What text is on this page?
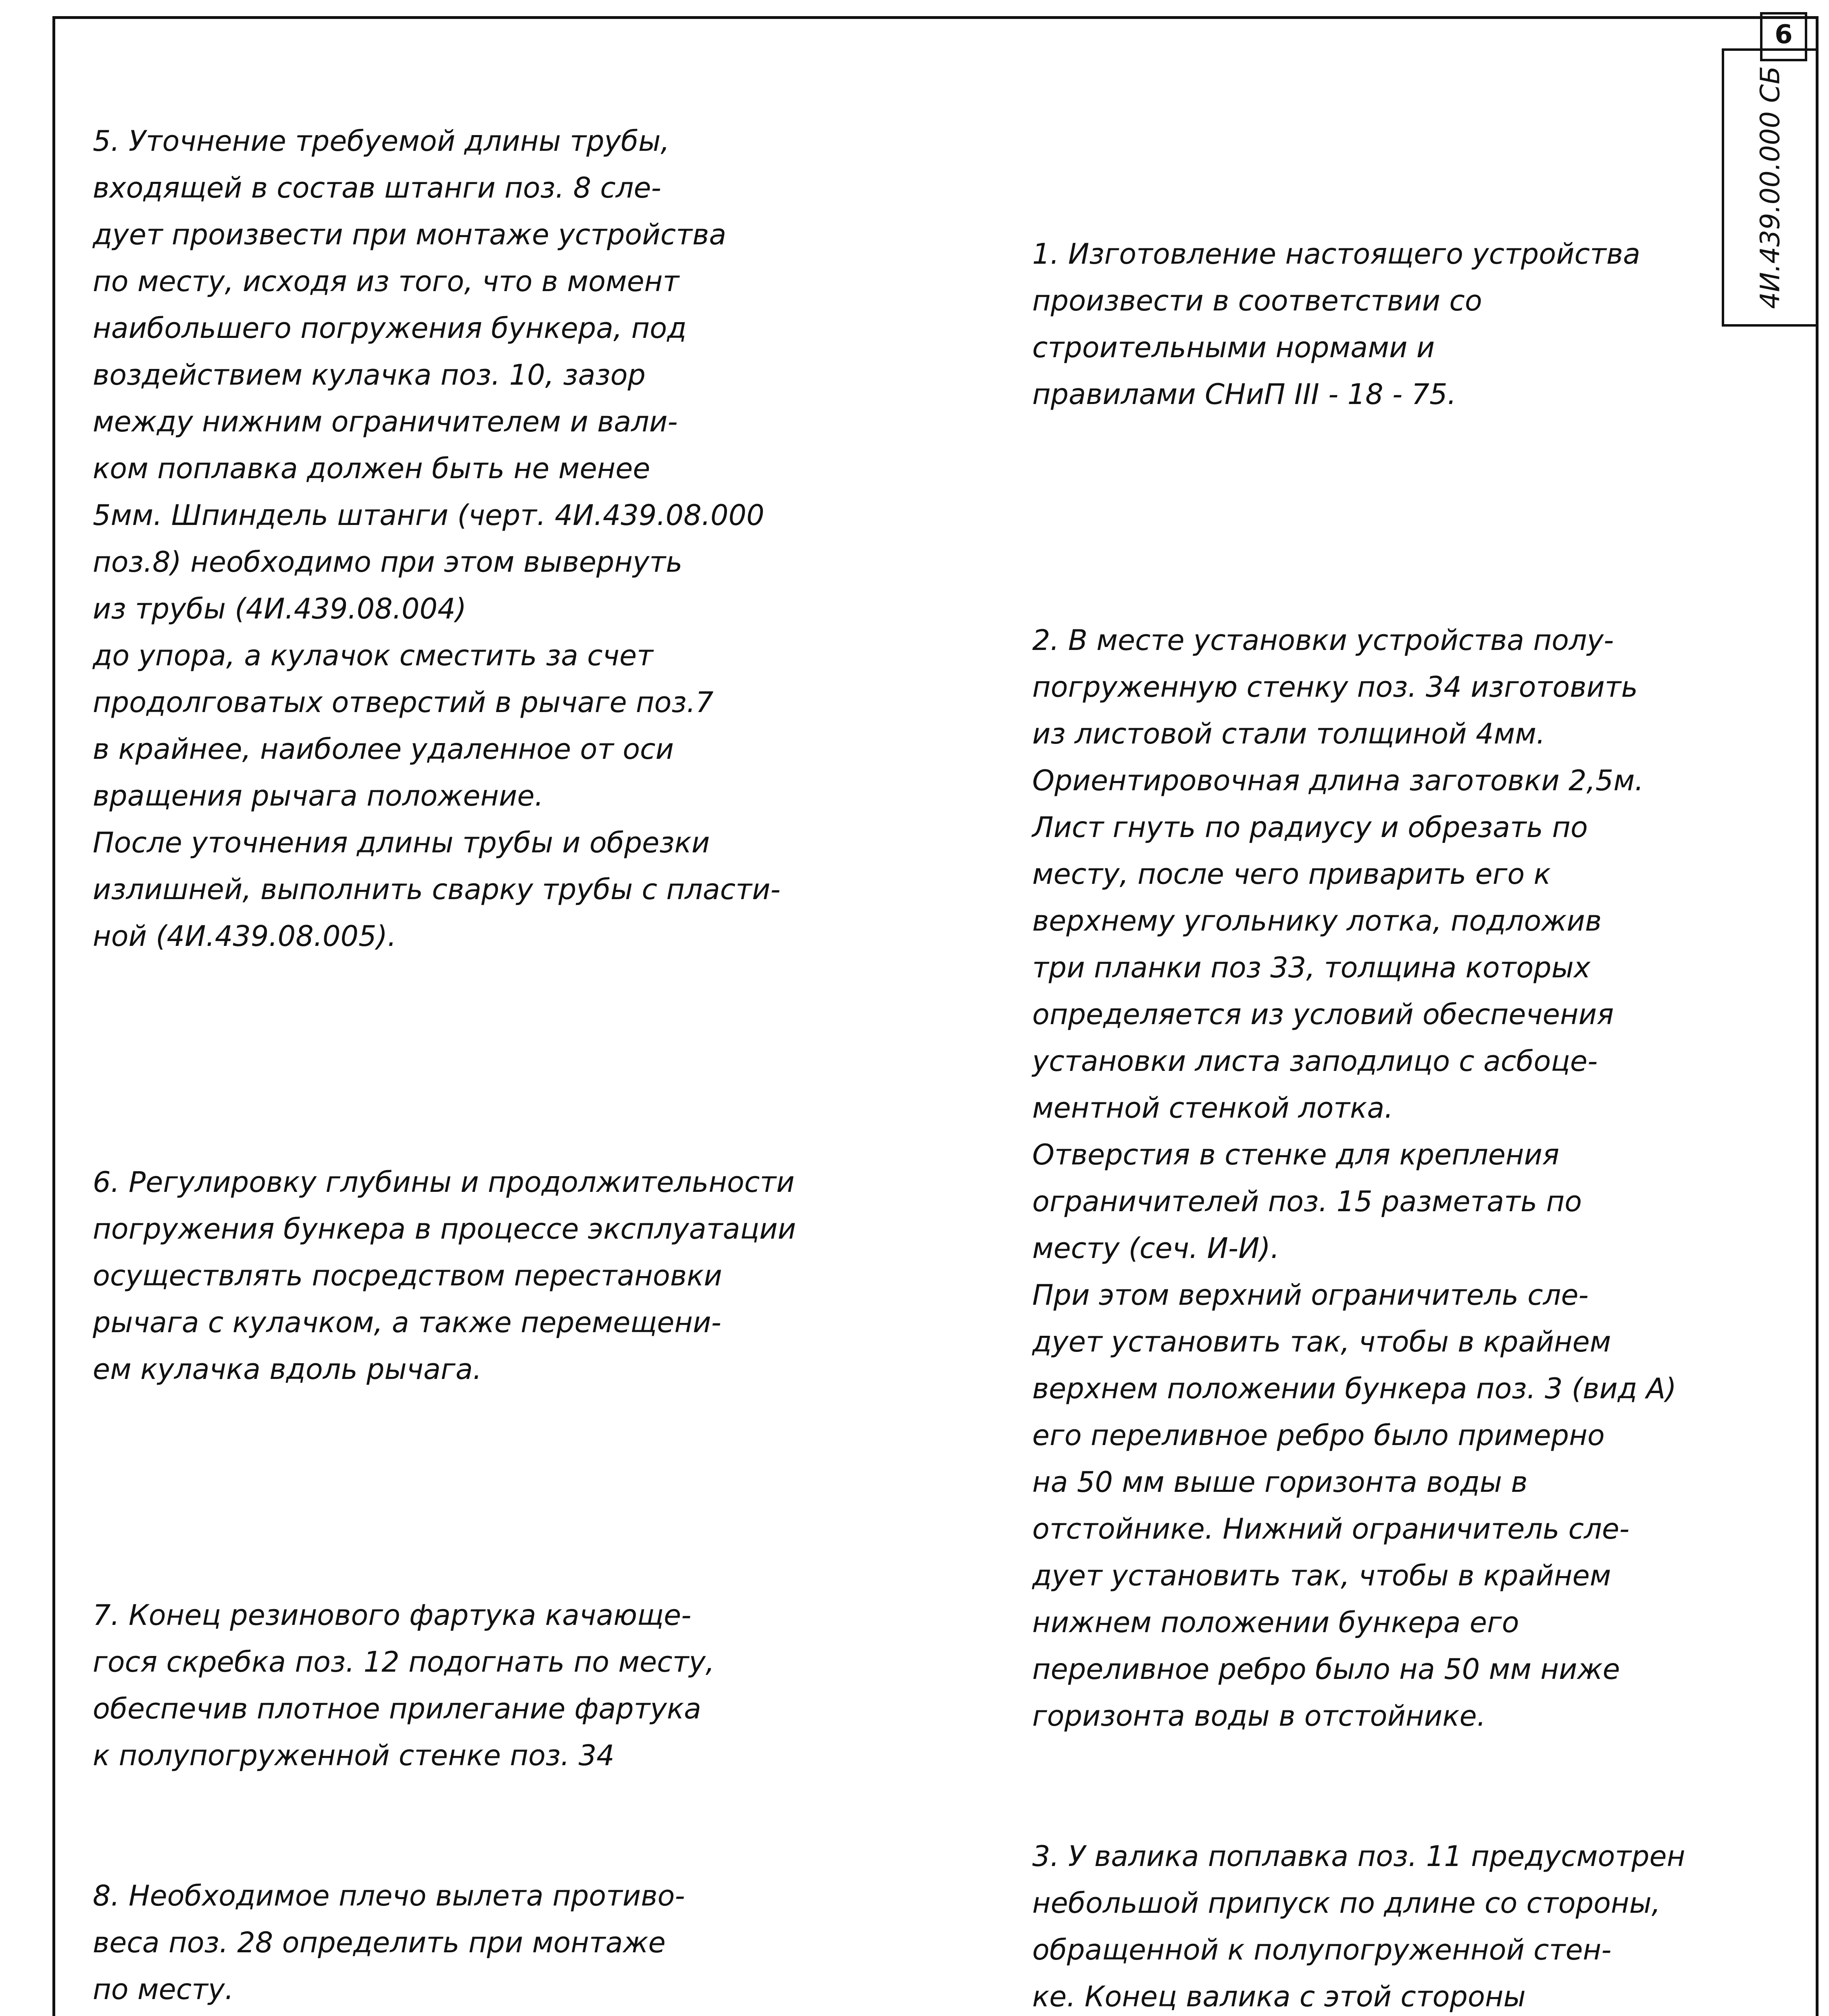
6
4И.439.00.000 СБ

5. Уточнение требуемой длины трубы,
входящей в состав штанги поз. 8 сле-
дует произвести при монтаже устройства
по месту, исходя из того, что в момент
наибольшего погружения бункера, под
воздействием кулачка поз. 10, зазор
между нижним ограничителем и вали-
ком поплавка должен быть не менее
5мм. Шпиндель штанги (черт. 4И.439.08.000
поз.8) необходимо при этом вывернуть
из трубы (4И.439.08.004)
до упора, а кулачок сместить за счет
продолговатых отверстий в рычаге поз.7
в крайнее, наиболее удаленное от оси
вращения рычага положение.
После уточнения длины трубы и обрезки
излишней, выполнить сварку трубы с пласти-
ной (4И.439.08.005).

6. Регулировку глубины и продолжительности
погружения бункера в процессе эксплуатации
осуществлять посредством перестановки
рычага с кулачком, а также перемещени-
ем кулачка вдоль рычага.

7. Конец резинового фартука качающе-
гося скребка поз. 12 подогнать по месту,
обеспечив плотное прилегание фартука
к полупогруженной стенке поз. 34

8. Необходимое плечо вылета противо-
веса поз. 28 определить при монтаже
по месту.

1. Изготовление настоящего устройства
произвести в соответствии со
строительными нормами и
правилами СНиП III - 18 - 75.

2. В месте установки устройства полу-
погруженную стенку поз. 34 изготовить
из листовой стали толщиной 4мм.
Ориентировочная длина заготовки 2,5м.
Лист гнуть по радиусу и обрезать по
месту, после чего приварить его к
верхнему угольнику лотка, подложив
три планки поз 33, толщина которых
определяется из условий обеспечения
установки листа заподлицо с асбоце-
ментной стенкой лотка.
Отверстия в стенке для крепления
ограничителей поз. 15 разметать по
месту (сеч. И-И).
При этом верхний ограничитель сле-
дует установить так, чтобы в крайнем
верхнем положении бункера поз. 3 (вид А)
его переливное ребро было примерно
на 50 мм выше горизонта воды в
отстойнике. Нижний ограничитель сле-
дует установить так, чтобы в крайнем
нижнем положении бункера его
переливное ребро было на 50 мм ниже
горизонта воды в отстойнике.

3. У валика поплавка поз. 11 предусмотрен
небольшой припуск по длине со стороны,
обращенной к полупогруженной стен-
ке. Конец валика с этой стороны
